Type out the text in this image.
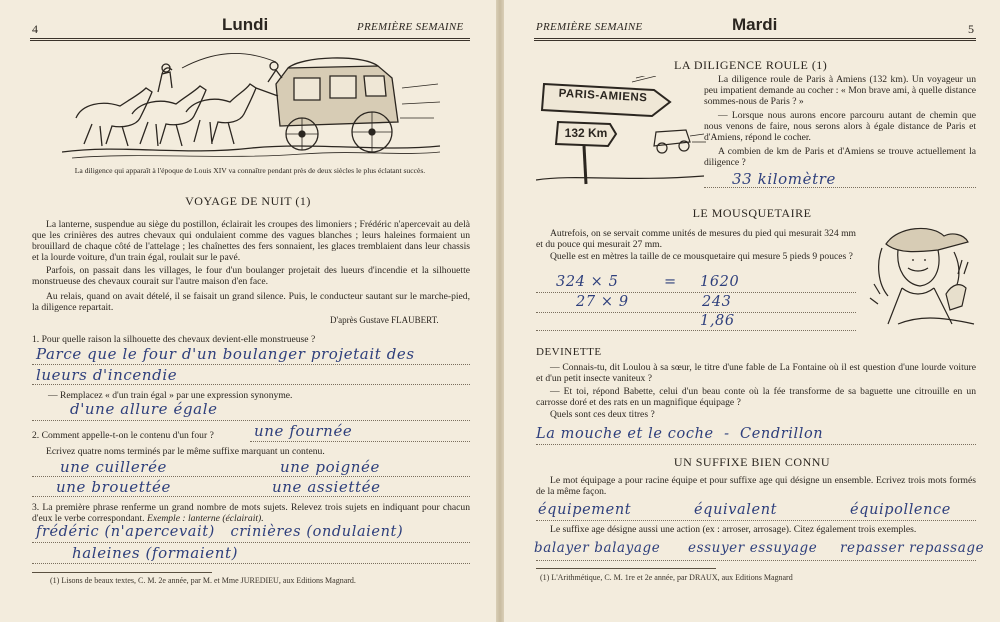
4	Lundi	PREMIÈRE SEMAINE

La diligence qui apparaît à l'époque de Louis XIV va connaître pendant près de deux siècles le plus éclatant succès.

VOYAGE DE NUIT (1)

La lanterne, suspendue au siège du postillon, éclairait les croupes des limoniers ; Frédéric n'apercevait au delà que les crinières des autres chevaux qui ondulaient comme des vagues blanches ; leurs haleines formaient un brouillard de chaque côté de l'attelage ; les chaînettes des fers sonnaient, les glaces tremblaient dans leur chassis et la lourde voiture, d'un train égal, roulait sur le pavé.

Parfois, on passait dans les villages, le four d'un boulanger projetait des lueurs d'incendie et la silhouette monstrueuse des chevaux courait sur l'autre maison d'en face.

Au relais, quand on avait dételé, il se faisait un grand silence. Puis, le conducteur sautant sur le marche-pied, la diligence repartait.

D'après Gustave FLAUBERT.
1. Pour quelle raison la silhouette des chevaux devient-elle monstrueuse ?
Parce que le four d'un boulanger projetait des
lueurs d'incendie
— Remplacez « d'un train égal » par une expression synonyme.
d'une allure égale
2. Comment appelle-t-on le contenu d'un four ?	une fournée
Ecrivez quatre noms terminés par le même suffixe marquant un contenu.
une cuillerée	une poignée
une brouettée	une assiettée

3. La première phrase renferme un grand nombre de mots sujets. Relevez trois sujets en indiquant pour chacun d'eux le verbe correspondant. Exemple : lanterne (éclairait).

frédéric (n'apercevait)   crinières (ondulaient)
haleines (formaient)
(1) Lisons de beaux textes, C. M. 2e année, par M. et Mme JUREDIEU, aux Editions Magnard.
PREMIÈRE SEMAINE	Mardi	5
PARIS-AMIENS
132 Km
LA DILIGENCE ROULE (1)

La diligence roule de Paris à Amiens (132 km). Un voyageur un peu impatient demande au cocher : « Mon brave ami, à quelle distance sommes-nous de Paris ? »

— Lorsque nous aurons encore parcouru autant de chemin que nous venons de faire, nous serons alors à égale distance de Paris et d'Amiens, répond le cocher.

A combien de km de Paris et d'Amiens se trouve actuellement la diligence ?

33 kilomètre
LE MOUSQUETAIRE

Autrefois, on se servait comme unités de mesures du pied qui mesurait 324 mm et du pouce qui mesurait 27 mm.

Quelle est en mètres la taille de ce mousquetaire qui mesure 5 pieds 9 pouces ?

324 × 5	= 1620
27 × 9	243
1,86
DEVINETTE

— Connais-tu, dit Loulou à sa sœur, le titre d'une fable de La Fontaine où il est question d'une lourde voiture et d'un petit insecte vaniteux ?

— Et toi, répond Babette, celui d'un beau conte où la fée transforme de sa baguette une citrouille en un carrosse doré et des rats en un magnifique équipage ?

Quels sont ces deux titres ?

La mouche et le coche  -  Cendrillon
UN SUFFIXE BIEN CONNU

Le mot équipage a pour racine équipe et pour suffixe age qui désigne un ensemble. Ecrivez trois mots formés de la même façon.

équipement	équivalent	équipollence

Le suffixe age désigne aussi une action (ex : arroser, arrosage). Citez également trois exemples.

balayer balayage essuyer essuyage repasser repassage
(1) L'Arithmétique, C. M. 1re et 2e année, par DRAUX, aux Editions Magnard
